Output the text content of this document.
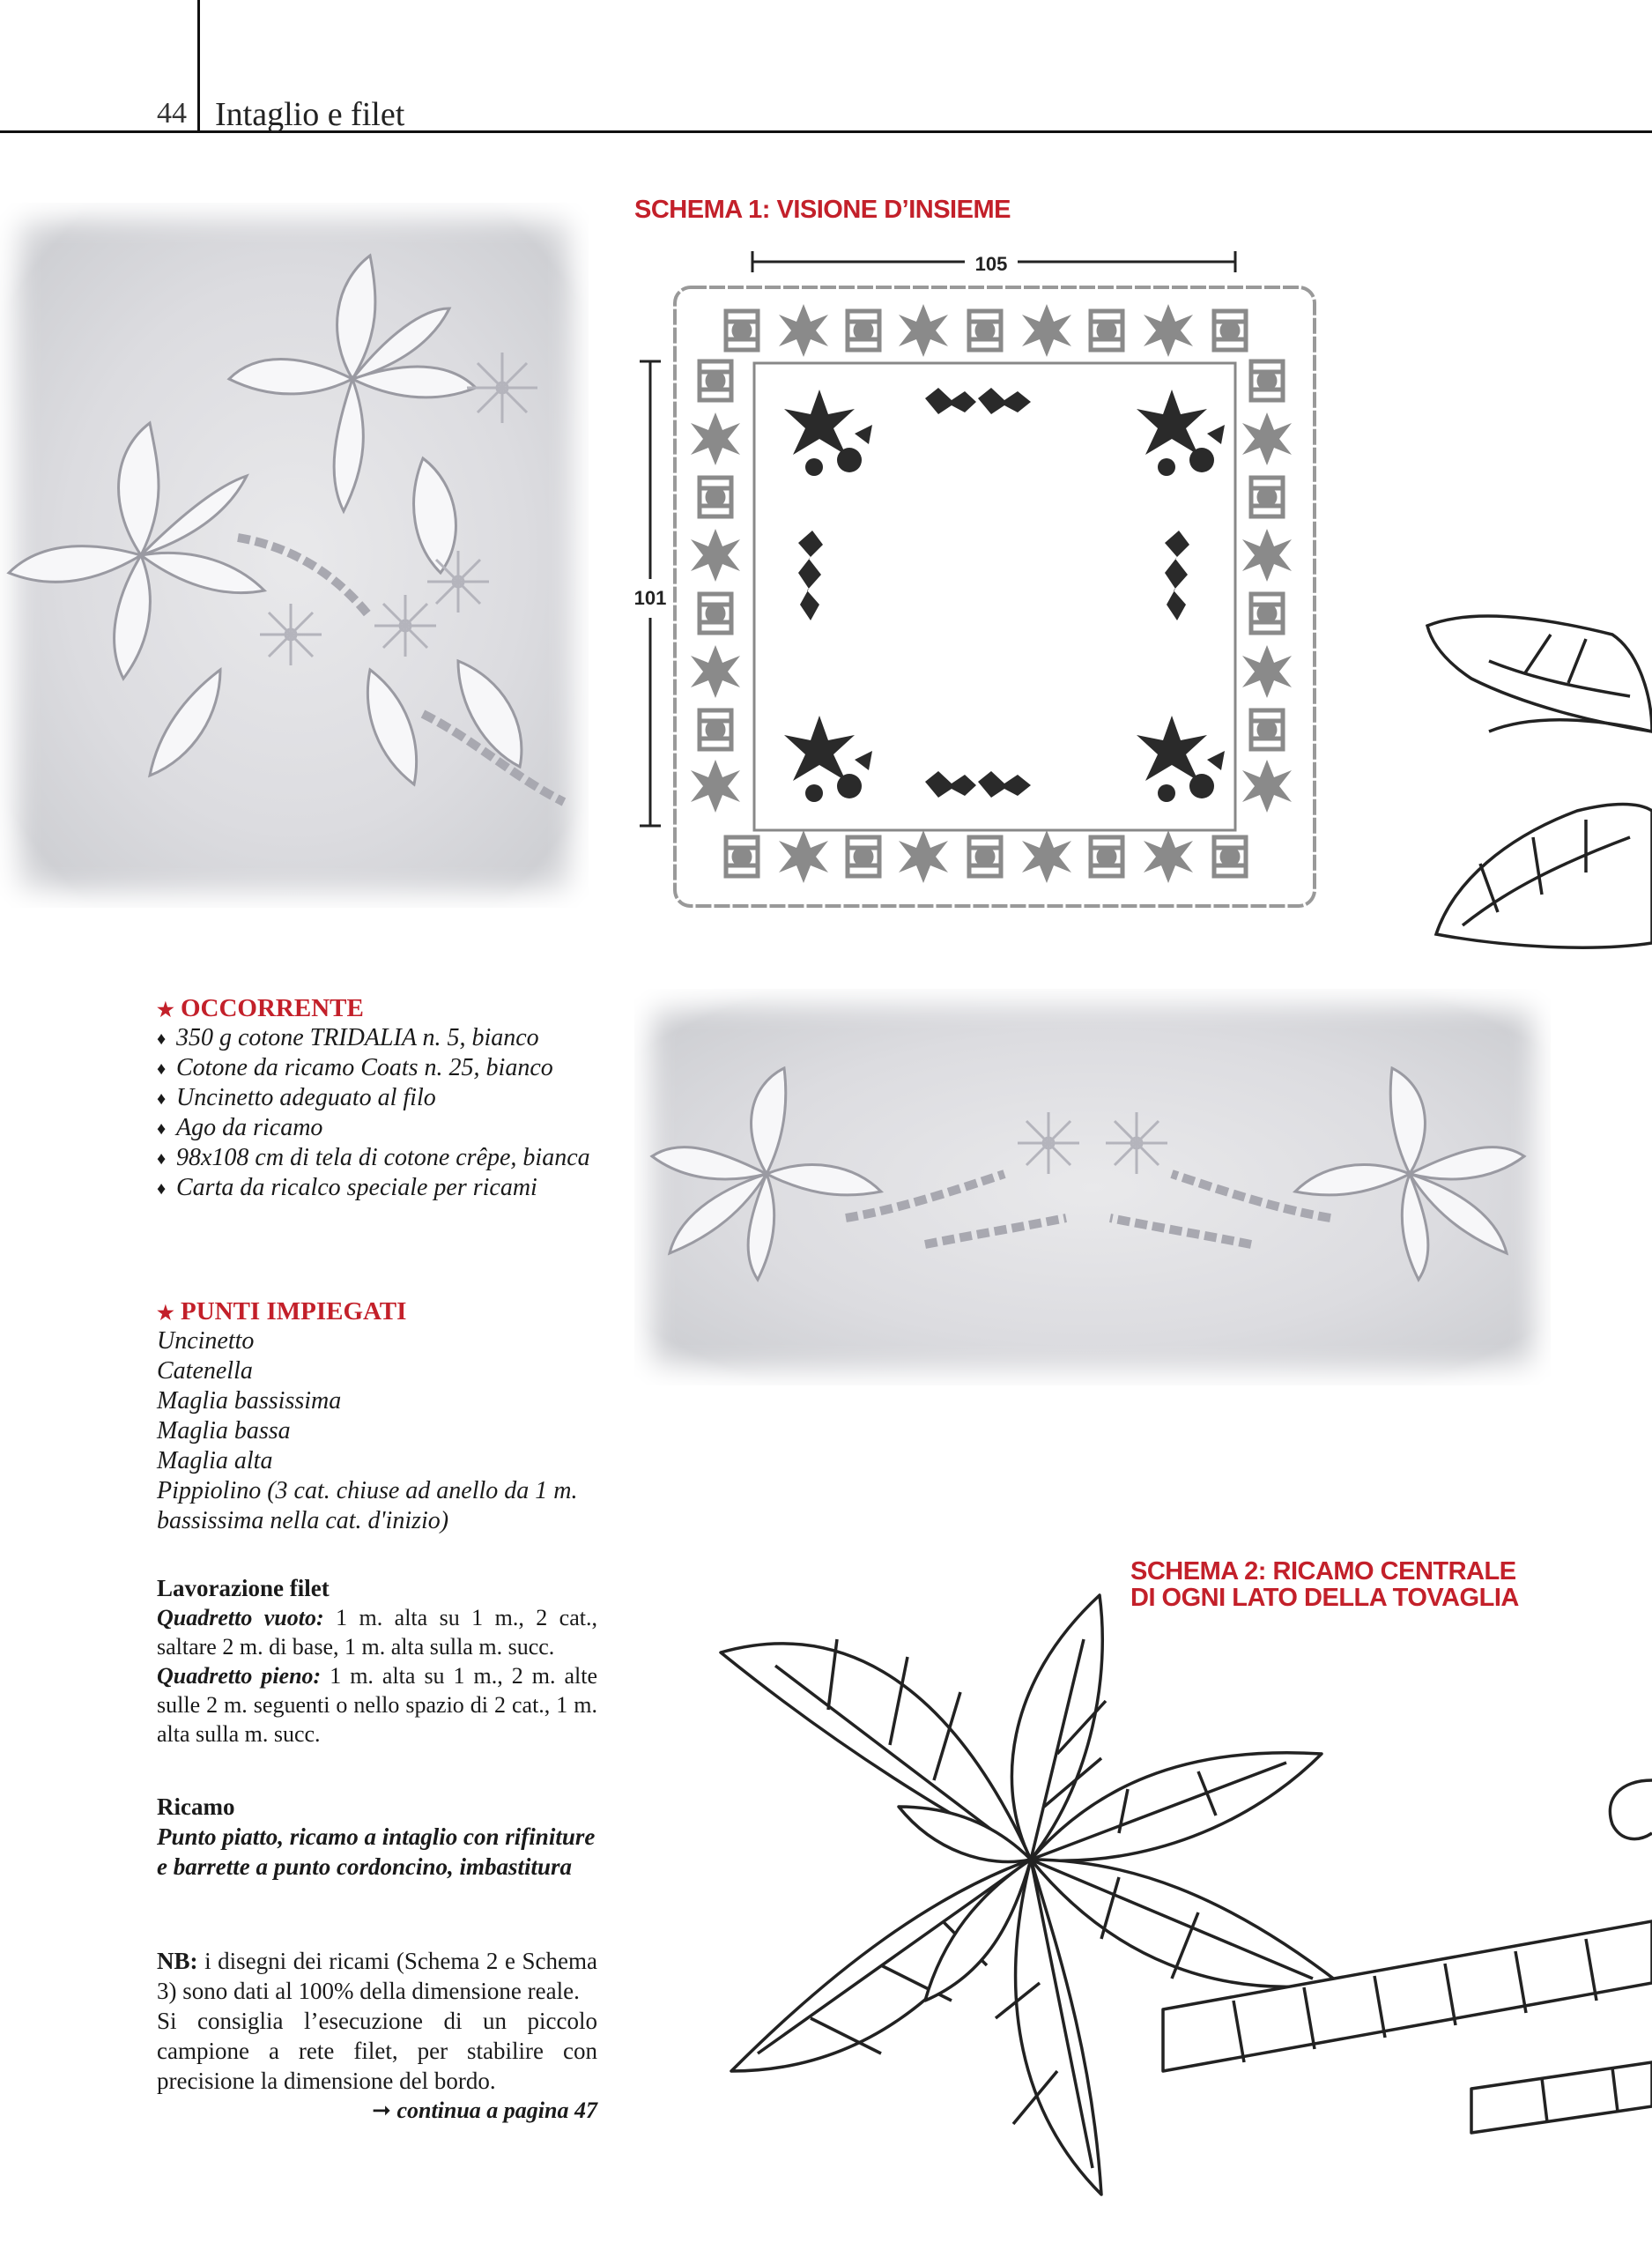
44 Intaglio e filet
SCHEMA 1: VISIONE D’INSIEME
105
101
★ OCCORRENTE
♦ 350 g cotone TRIDALIA n. 5, bianco
♦ Cotone da ricamo Coats n. 25, bianco
♦ Uncinetto adeguato al filo
♦ Ago da ricamo
♦ 98x108 cm di tela di cotone crêpe, bianca
♦ Carta da ricalco speciale per ricami
★ PUNTI IMPIEGATI
Uncinetto
Catenella
Maglia bassissima
Maglia bassa
Maglia alta
Pippiolino (3 cat. chiuse ad anello da 1 m. bassissima nella cat. d'inizio)
Lavorazione filet
Quadretto vuoto: 1 m. alta su 1 m., 2 cat., saltare 2 m. di base, 1 m. alta sulla m. succ.
Quadretto pieno: 1 m. alta su 1 m., 2 m. alte sulle 2 m. seguenti o nello spazio di 2 cat., 1 m. alta sulla m. succ.
Ricamo
Punto piatto, ricamo a intaglio con rifiniture e barrette a punto cordoncino, imbastitura
NB: i disegni dei ricami (Schema 2 e Schema 3) sono dati al 100% della dimensione reale.
Si consiglia l’esecuzione di un piccolo campione a rete filet, per stabilire con precisione la dimensione del bordo.
➞ continua a pagina 47
SCHEMA 2: RICAMO CENTRALE
DI OGNI LATO DELLA TOVAGLIA
